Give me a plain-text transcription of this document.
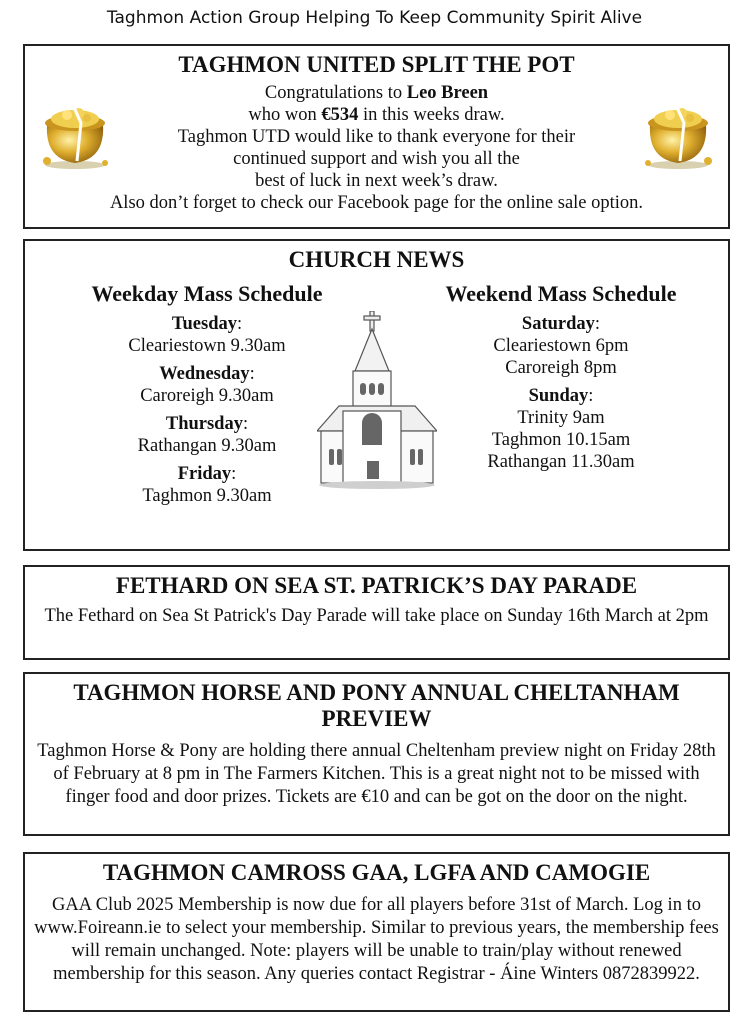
Taghmon Action Group Helping To Keep Community Spirit Alive
TAGHMON UNITED SPLIT THE POT
Congratulations to Leo Breen
who won €534 in this weeks draw.
Taghmon UTD would like to thank everyone for their
continued support and wish you all the
best of luck in next week’s draw.
Also don’t forget to check our Facebook page for the online sale option.
CHURCH NEWS
Weekday Mass Schedule
Tuesday:
Cleariestown 9.30am
Wednesday:
Caroreigh 9.30am
Thursday:
Rathangan 9.30am
Friday:
Taghmon 9.30am
Weekend Mass Schedule
Saturday:
Cleariestown 6pm
Caroreigh 8pm
Sunday:
Trinity 9am
Taghmon 10.15am
Rathangan 11.30am
FETHARD ON SEA ST. PATRICK’S DAY PARADE

The Fethard on Sea St Patrick's Day Parade will take place on Sunday 16th March at 2pm

TAGHMON HORSE AND PONY ANNUAL CHELTANHAM PREVIEW

Taghmon Horse & Pony are holding there annual Cheltenham preview night on Friday 28th of February at 8 pm in The Farmers Kitchen. This is a great night not to be missed with finger food and door prizes. Tickets are €10 and can be got on the door on the night.

TAGHMON CAMROSS GAA, LGFA AND CAMOGIE

GAA Club 2025 Membership is now due for all players before 31st of March. Log in to www.Foireann.ie to select your membership. Similar to previous years, the membership fees will remain unchanged. Note: players will be unable to train/play without renewed membership for this season. Any queries contact Registrar - Áine Winters 0872839922.
